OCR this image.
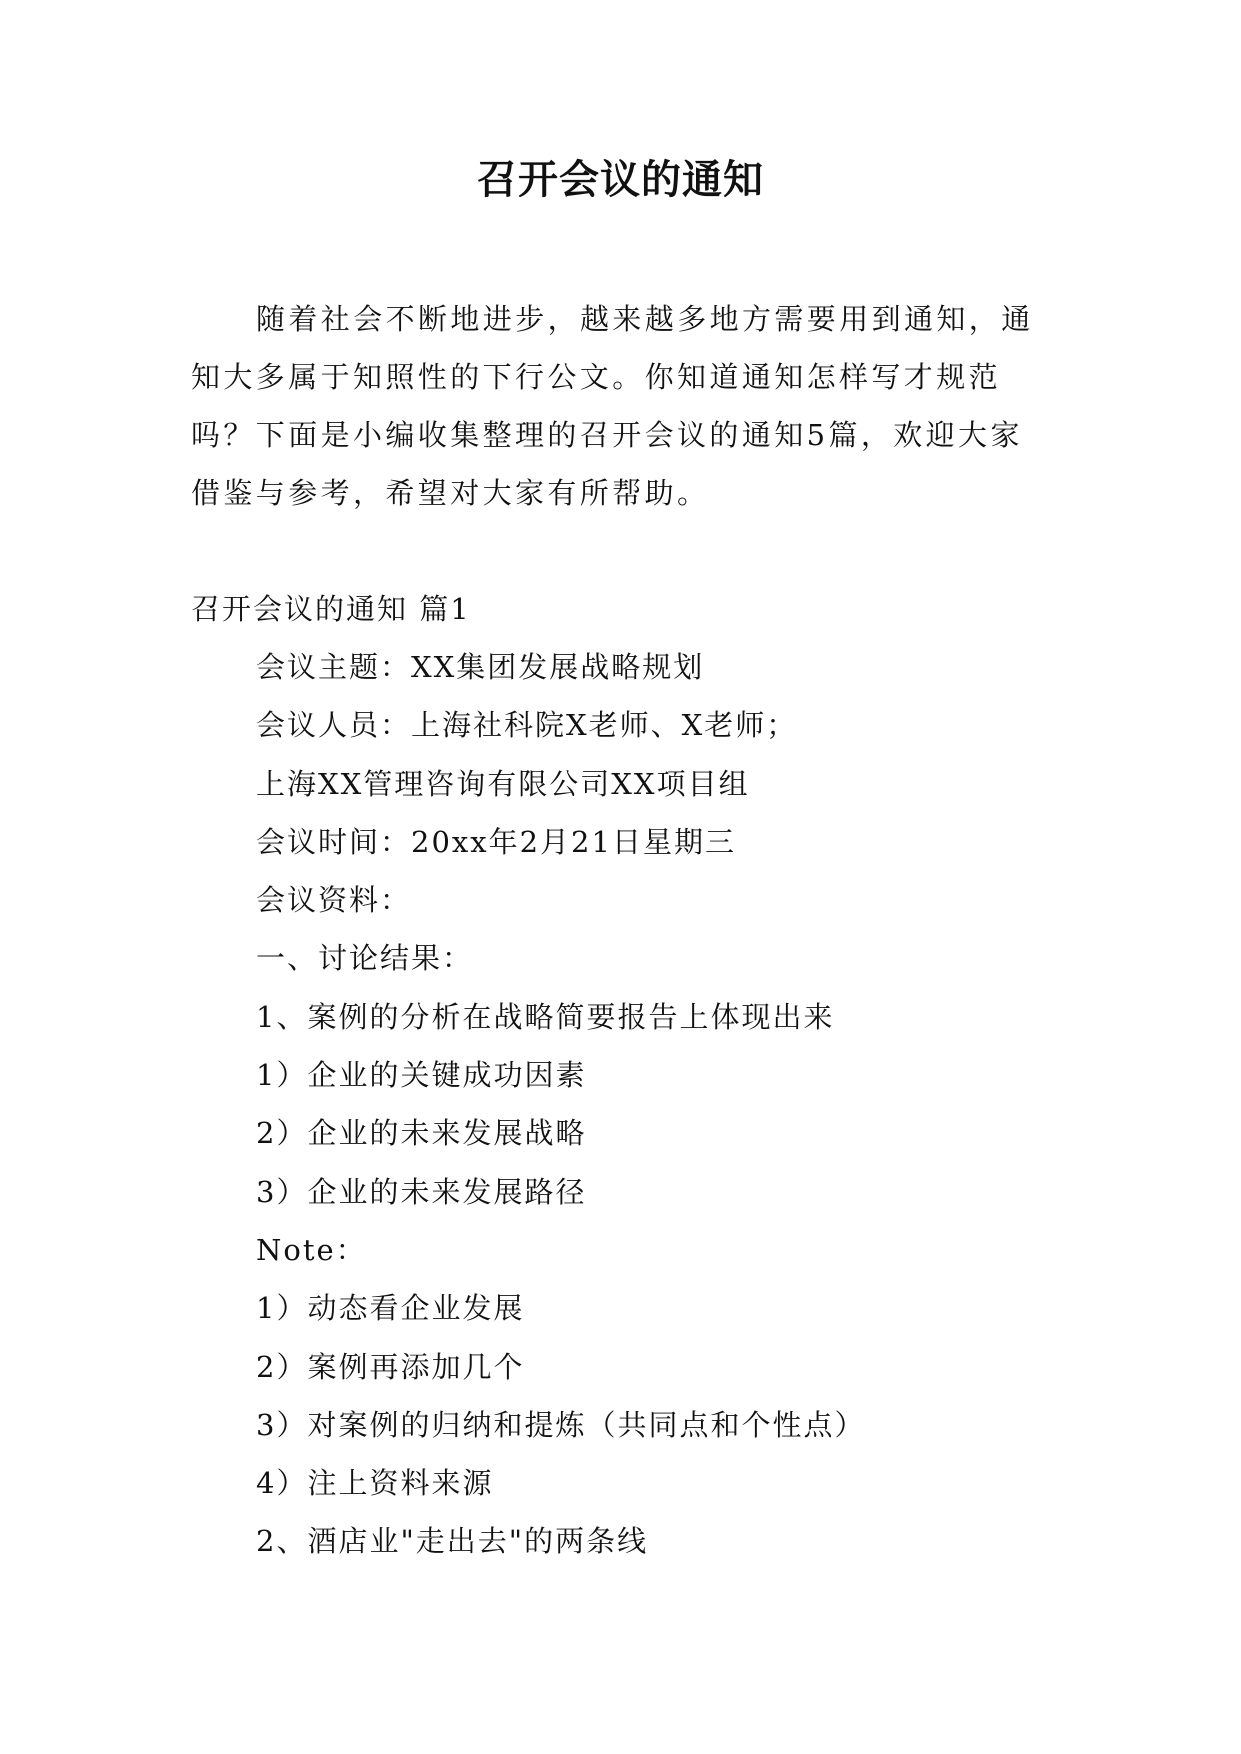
召开会议的通知

随着社会不断地进步，越来越多地方需要用到通知，通知大多属于知照性的下行公文。你知道通知怎样写才规范吗？下面是小编收集整理的召开会议的通知5篇，欢迎大家借鉴与参考，希望对大家有所帮助。

召开会议的通知 篇1

会议主题：XX集团发展战略规划
会议人员：上海社科院X老师、X老师；
上海XX管理咨询有限公司XX项目组
会议时间：20xx年2月21日星期三
会议资料：
一、讨论结果：
1、案例的分析在战略简要报告上体现出来
1）企业的关键成功因素
2）企业的未来发展战略
3）企业的未来发展路径
Note：
1）动态看企业发展
2）案例再添加几个
3）对案例的归纳和提炼（共同点和个性点）
4）注上资料来源
2、酒店业"走出去"的两条线
